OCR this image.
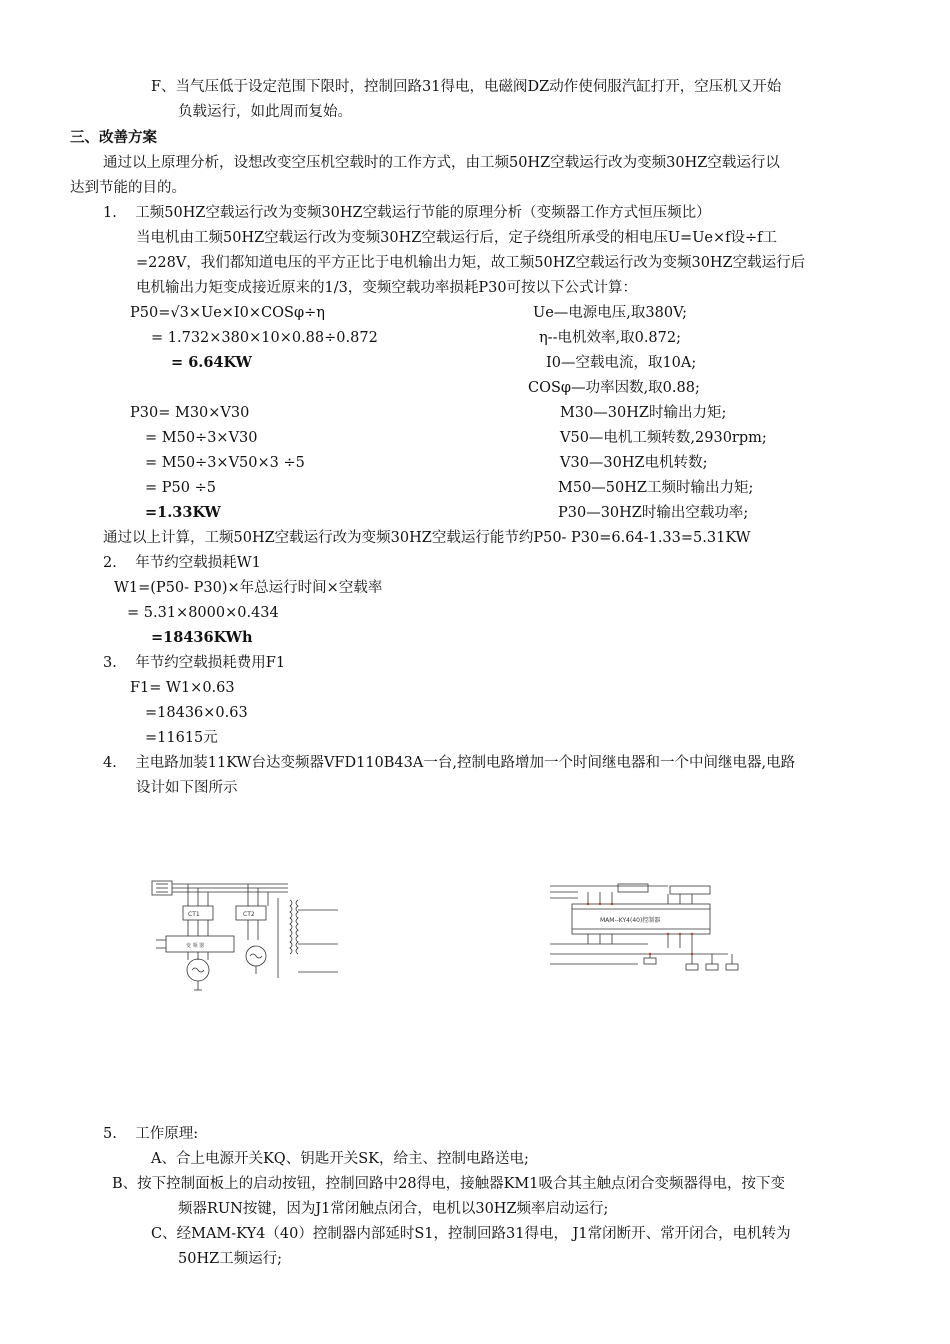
F、当气压低于设定范围下限时，控制回路31得电，电磁阀DZ动作使伺服汽缸打开，空压机又开始
负载运行，如此周而复始。
三、改善方案
通过以上原理分析，设想改变空压机空载时的工作方式，由工频50HZ空载运行改为变频30HZ空载运行以
达到节能的目的。
1.    工频50HZ空载运行改为变频30HZ空载运行节能的原理分析（变频器工作方式恒压频比）
当电机由工频50HZ空载运行改为变频30HZ空载运行后，定子绕组所承受的相电压U=Ue×f设÷f工
=228V，我们都知道电压的平方正比于电机输出力矩，故工频50HZ空载运行改为变频30HZ空载运行后
电机输出力矩变成接近原来的1/3，变频空载功率损耗P30可按以下公式计算：
P50=√3×Ue×I0×COSφ÷η
= 1.732×380×10×0.88÷0.872
= 6.64KW
Ue—电源电压,取380V;
η--电机效率,取0.872;
I0—空载电流，取10A;
COSφ—功率因数,取0.88;
P30= M30×V30
= M50÷3×V30
= M50÷3×V50×3 ÷5
= P50 ÷5
=1.33KW
M30—30HZ时输出力矩;
V50—电机工频转数,2930rpm;
V30—30HZ电机转数;
M50—50HZ工频时输出力矩;
P30—30HZ时输出空载功率;
通过以上计算，工频50HZ空载运行改为变频30HZ空载运行能节约P50- P30=6.64-1.33=5.31KW
2.    年节约空载损耗W1
W1=(P50- P30)×年总运行时间×空载率
= 5.31×8000×0.434
=18436KWh
3.    年节约空载损耗费用F1
F1= W1×0.63
=18436×0.63
=11615元
4.    主电路加装11KW台达变频器VFD110B43A一台,控制电路增加一个时间继电器和一个中间继电器,电路
设计如下图所示
CT1	CT2
变 频 器
MAM--KY4(40)控制器
5.    工作原理:
A、合上电源开关KQ、钥匙开关SK，给主、控制电路送电;
B、按下控制面板上的启动按钮，控制回路中28得电，接触器KM1吸合其主触点闭合变频器得电，按下变
频器RUN按键，因为J1常闭触点闭合，电机以30HZ频率启动运行;
C、经MAM-KY4（40）控制器内部延时S1，控制回路31得电， J1常闭断开、常开闭合，电机转为
50HZ工频运行;
